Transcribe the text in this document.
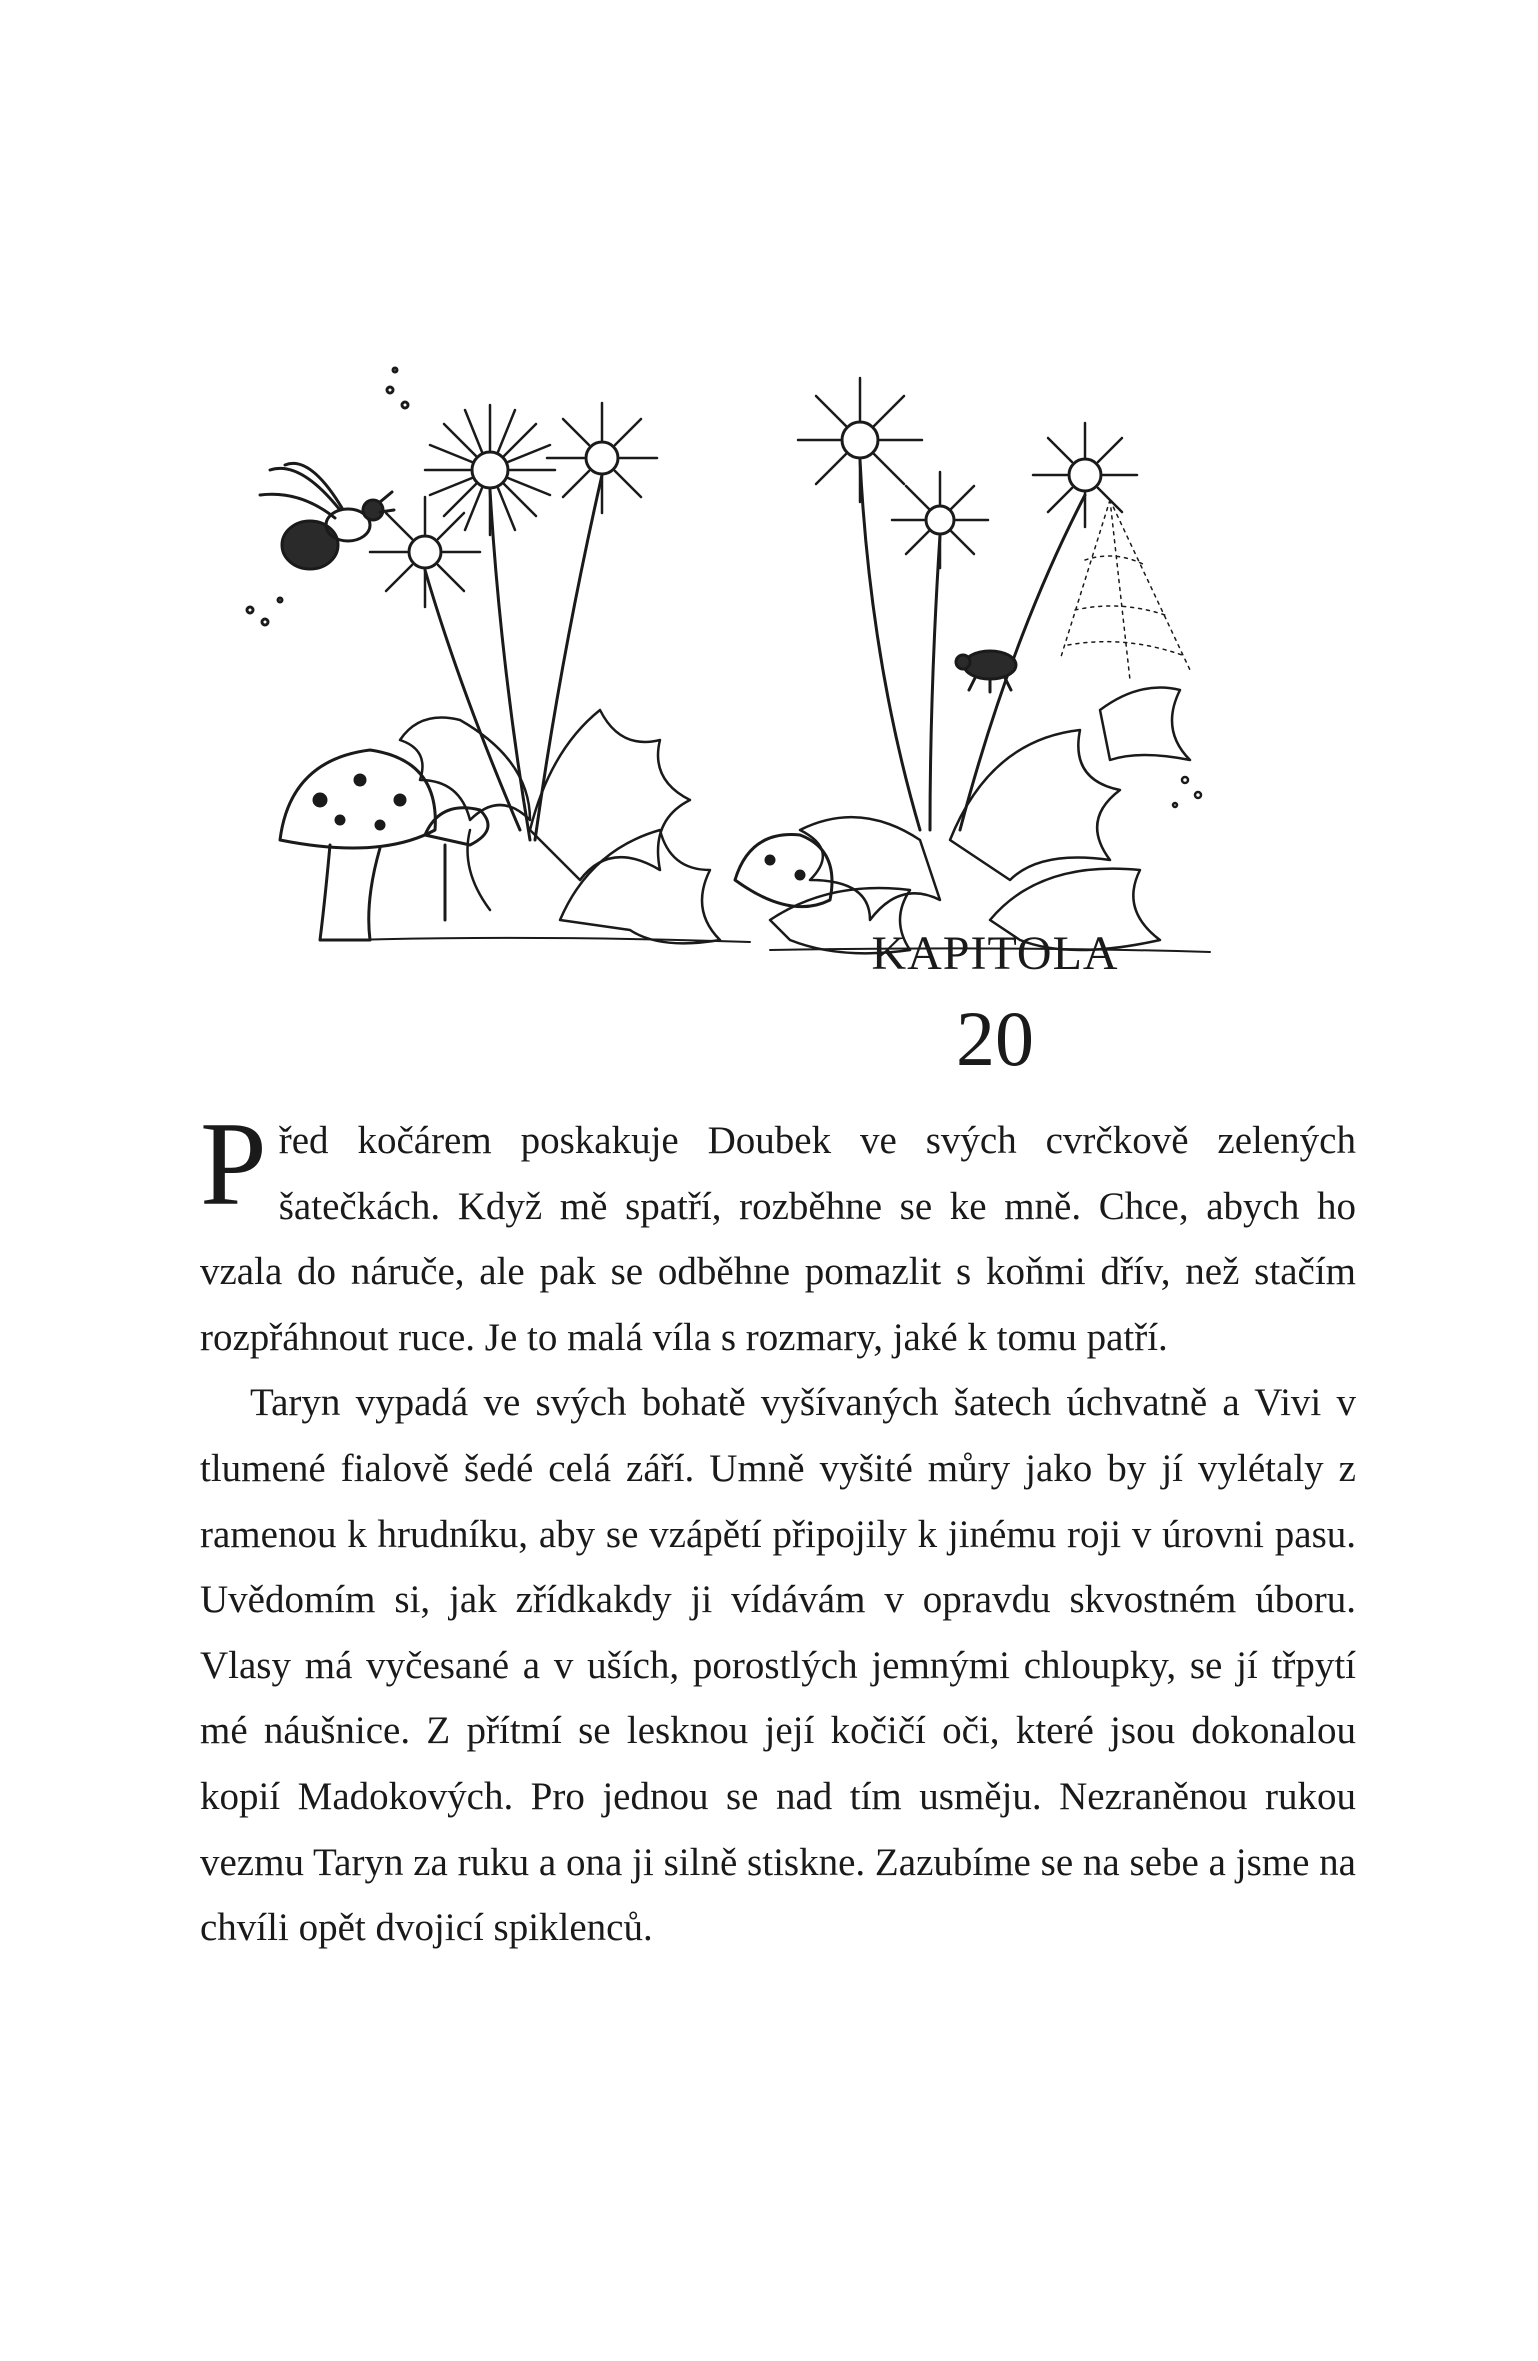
KAPITOLA
20

Před kočárem poskakuje Doubek ve svých cvrčkově zelených šatečkách. Když mě spatří, rozběhne se ke mně. Chce, abych ho vzala do náruče, ale pak se odběhne pomazlit s koňmi dřív, než stačím rozpřáhnout ruce. Je to malá víla s rozmary, jaké k tomu patří.

Taryn vypadá ve svých bohatě vyšívaných šatech úchvatně a Vivi v tlumené fialově šedé celá září. Umně vyšité můry jako by jí vylétaly z ramenou k hrudníku, aby se vzápětí připojily k jinému roji v úrovni pasu. Uvědomím si, jak zřídkakdy ji vídávám v opravdu skvostném úboru. Vlasy má vyčesané a v uších, porostlých jemnými chloupky, se jí třpytí mé náušnice. Z přítmí se lesknou její kočičí oči, které jsou dokonalou kopií Madokových. Pro jednou se nad tím usměju. Nezraněnou rukou vezmu Taryn za ruku a ona ji silně stiskne. Zazubíme se na sebe a jsme na chvíli opět dvojicí spiklenců.
